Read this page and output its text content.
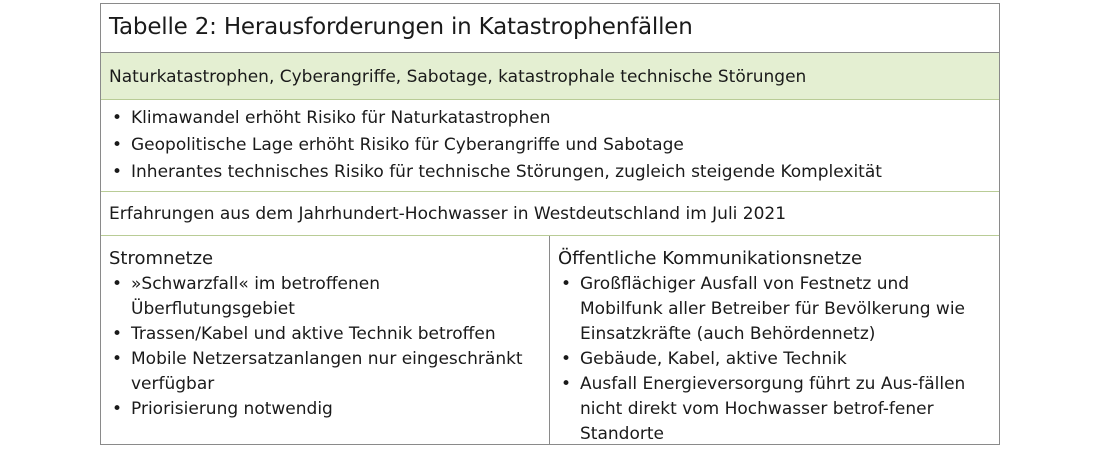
Tabelle 2: Herausforderungen in Katastrophenfällen
Naturkatastrophen, Cyberangriffe, Sabotage, katastrophale technische Störungen
• Klimawandel erhöht Risiko für Naturkatastrophen
• Geopolitische Lage erhöht Risiko für Cyberangriffe und Sabotage
• Inherantes technisches Risiko für technische Störungen, zugleich steigende Komplexität
Erfahrungen aus dem Jahrhundert-Hochwasser in Westdeutschland im Juli 2021
Stromnetze
• »Schwarzfall« im betroffenen Überflutungsgebiet
• Trassen/Kabel und aktive Technik betroffen
• Mobile Netzersatzanlangen nur eingeschränkt verfügbar
• Priorisierung notwendig
Öffentliche Kommunikationsnetze
• Großflächiger Ausfall von Festnetz und Mobilfunk aller Betreiber für Bevölkerung wie Einsatzkräfte (auch Behördennetz)
• Gebäude, Kabel, aktive Technik
• Ausfall Energieversorgung führt zu Aus-fällen nicht direkt vom Hochwasser betrof-fener Standorte
